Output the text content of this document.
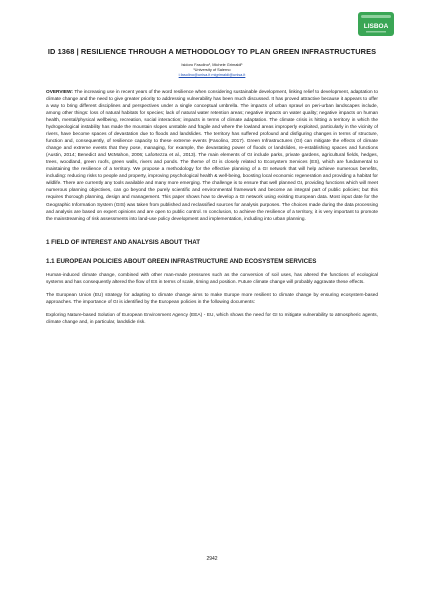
LISBOA
ID 1368 | RESILIENCE THROUGH A METHODOLOGY TO PLAN GREEN INFRASTRUCTURES
Isidoro Fasolino¹, Michele Grimaldi¹
¹University of Salerno
i.fasolino@unisa.it migrimaldi@unisa.it
OVERVIEW: The increasing use in recent years of the word resilience when considering sustainable development, linking relief to development, adaptation to climate change and the need to give greater priority to addressing vulnerability has been much discussed. It has proved attractive because it appears to offer a way to bring different disciplines and perspectives under a single conceptual umbrella. The impacts of urban sprawl on peri-urban landscapes include, among other things: loss of natural habitats for species; lack of natural water retention areas; negative impacts on water quality; negative impacts on human health, mental/physical wellbeing, recreation, social interaction; impacts in terms of climate adaptation. The climate crisis is hitting a territory in which the hydrogeological instability has made the mountain slopes unstable and fragile and where the lowland areas improperly exploited, particularly in the vicinity of rivers, have become spaces of devastation due to floods and landslides. The territory has suffered profound and disfiguring changes in terms of structure, function and, consequently, of resilience capacity to these extreme events (Fasolino, 2017). Green Infrastructures (GI) can mitigate the effects of climate change and extreme events that they pose, managing, for example, the devastating power of floods or landslides, re-establishing spaces and functions (Austin, 2014; Benedict and McMahon, 2006; Lafortezza et al., 2013). The main elements of GI include parks, private gardens, agricultural fields, hedges, trees, woodland, green roofs, green walls, rivers and ponds. The theme of GI is closely related to Ecosystem Services (ES), which are fundamental to maintaining the resilience of a territory. We propose a methodology for the effective planning of a GI network that will help achieve numerous benefits, including: reducing risks to people and property, improving psychological health & well-being, boosting local economic regeneration and providing a habitat for wildlife. There are currently any tools available and many more emerging. The challenge is to ensure that well planned GI, providing functions which will meet numerous planning objectives, can go beyond the purely scientific and environmental framework and become an integral part of public policies; but this requires thorough planning, design and management. This paper shows how to develop a GI network using existing European data. Most input date for the Geographic Information System (GIS) was taken from published and reclassified sources for analysis purposes. The choices made during the data processing and analysis are based on expert opinions and are open to public control. In conclusion, to achieve the resilience of a territory, it is very important to promote the mainstreaming of risk assessments into land-use policy development and implementation, including into urban planning.
1 FIELD OF INTEREST AND ANALYSIS ABOUT THAT
1.1 EUROPEAN POLICIES ABOUT GREEN INFRASTRUCTURE AND ECOSYSTEM SERVICES

Human-induced climate change, combined with other man-made pressures such as the conversion of soil uses, has altered the functions of ecological systems and has consequently altered the flow of ES in terms of scale, timing and position. Future climate change will probably aggravate these effects.

The European Union (EU) strategy for adapting to climate change aims to make Europe more resilient to climate change by ensuring ecosystem-based approaches. The importance of GI is identified by the European policies in the following documents:

Exploring Nature-based Solution of European Environment Agency (EEA) - EU, which shows the need for GI to mitigate vulnerability to atmospheric agents, climate change and, in particular, landslide risk.

2942
